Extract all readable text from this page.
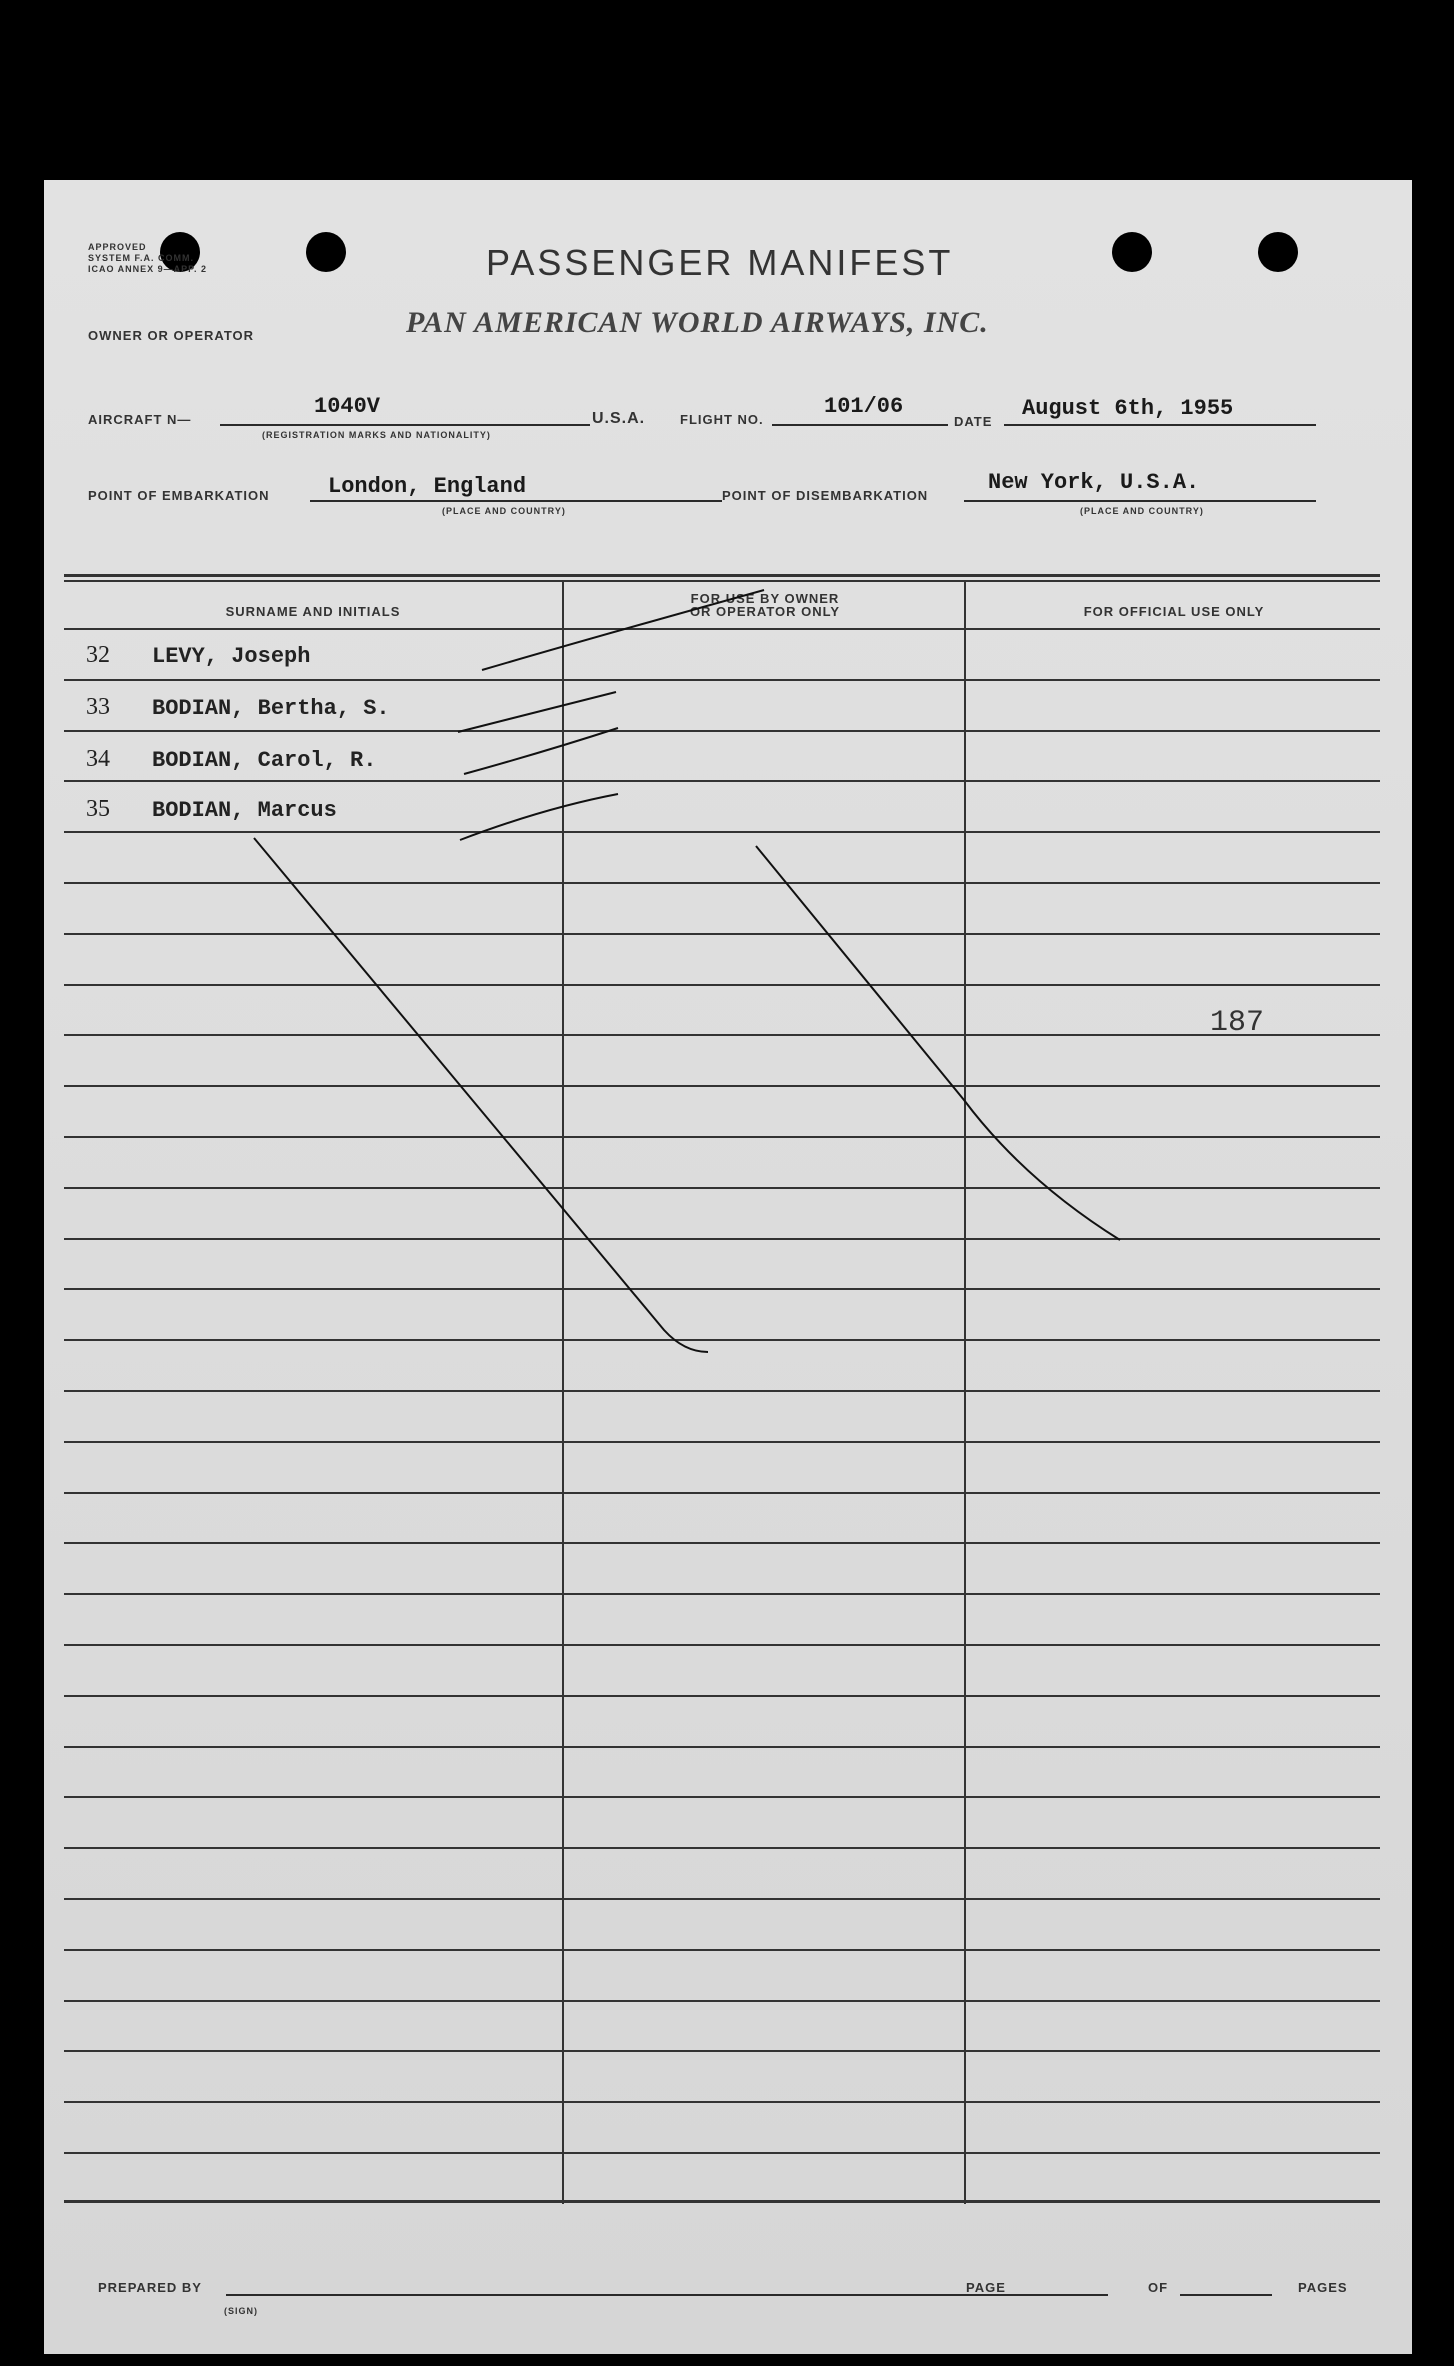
APPROVED
SYSTEM F.A. COMM.
ICAO ANNEX 9—APP. 2	PASSENGER MANIFEST
OWNER OR OPERATOR	PAN AMERICAN WORLD AIRWAYS, INC.
AIRCRAFT N—
1040V
(REGISTRATION MARKS AND NATIONALITY)
U.S.A.	FLIGHT NO.
101/06
DATE
August 6th, 1955
POINT OF EMBARKATION	London, England
(PLACE AND COUNTRY)
POINT OF DISEMBARKATION
New York, U.S.A.
(PLACE AND COUNTRY)
SURNAME AND INITIALS
FOR USE BY OWNER
OR OPERATOR ONLY	FOR OFFICIAL USE ONLY
32 LEVY, Joseph
33 BODIAN, Bertha, S.
34 BODIAN, Carol, R.
35 BODIAN, Marcus
187
PREPARED BY
(SIGN)
PAGE	OF	PAGES
